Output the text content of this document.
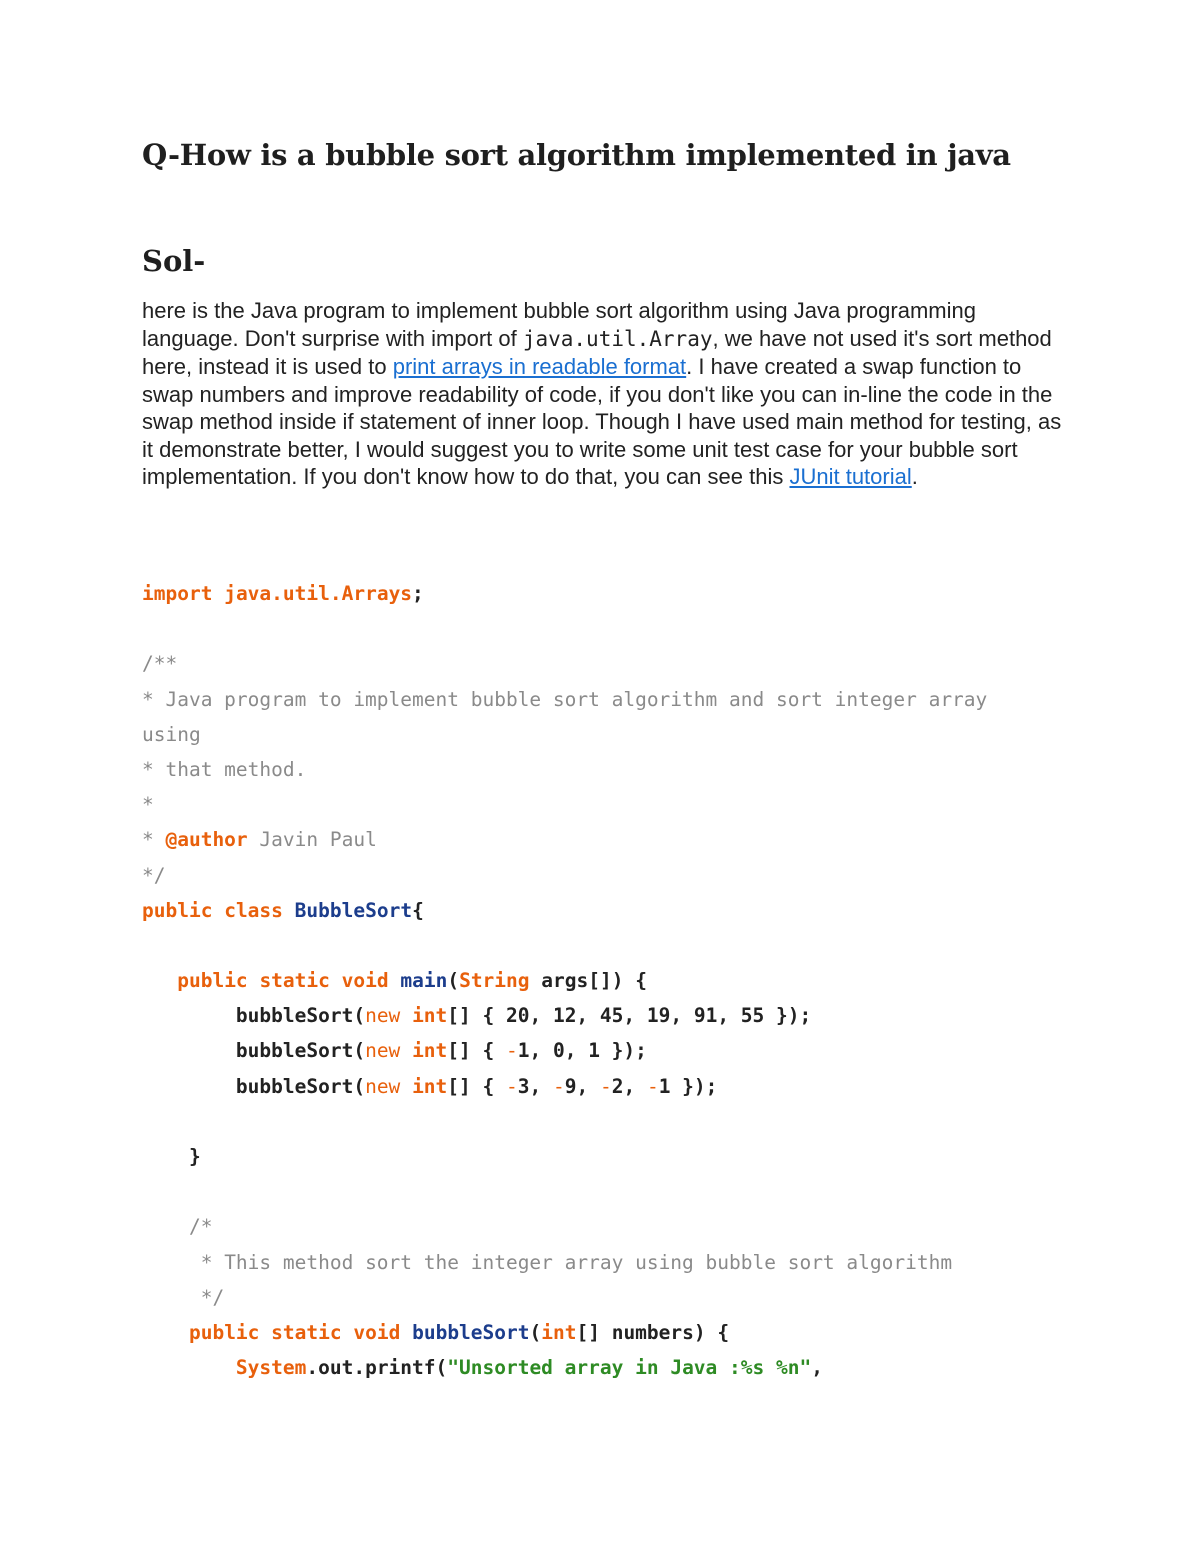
Q-How is a bubble sort algorithm implemented in java
Sol-

here is the Java program to implement bubble sort algorithm using Java programming language. Don't surprise with import of java.util.Array, we have not used it's sort method here, instead it is used to print arrays in readable format. I have created a swap function to swap numbers and improve readability of code, if you don't like you can in-line the code in the swap method inside if statement of inner loop. Though I have used main method for testing, as it demonstrate better, I would suggest you to write some unit test case for your bubble sort implementation. If you don't know how to do that, you can see this JUnit tutorial.

import java.util.Arrays;

/**
* Java program to implement bubble sort algorithm and sort integer array
using
* that method.
*
* @author Javin Paul
*/
public class BubbleSort{

public static void main(String args[]) {
bubbleSort(new int[] { 20, 12, 45, 19, 91, 55 });
bubbleSort(new int[] { -1, 0, 1 });
bubbleSort(new int[] { -3, -9, -2, -1 });

}

/*
* This method sort the integer array using bubble sort algorithm
*/
public static void bubbleSort(int[] numbers) {
System.out.printf("Unsorted array in Java :%s %n",
